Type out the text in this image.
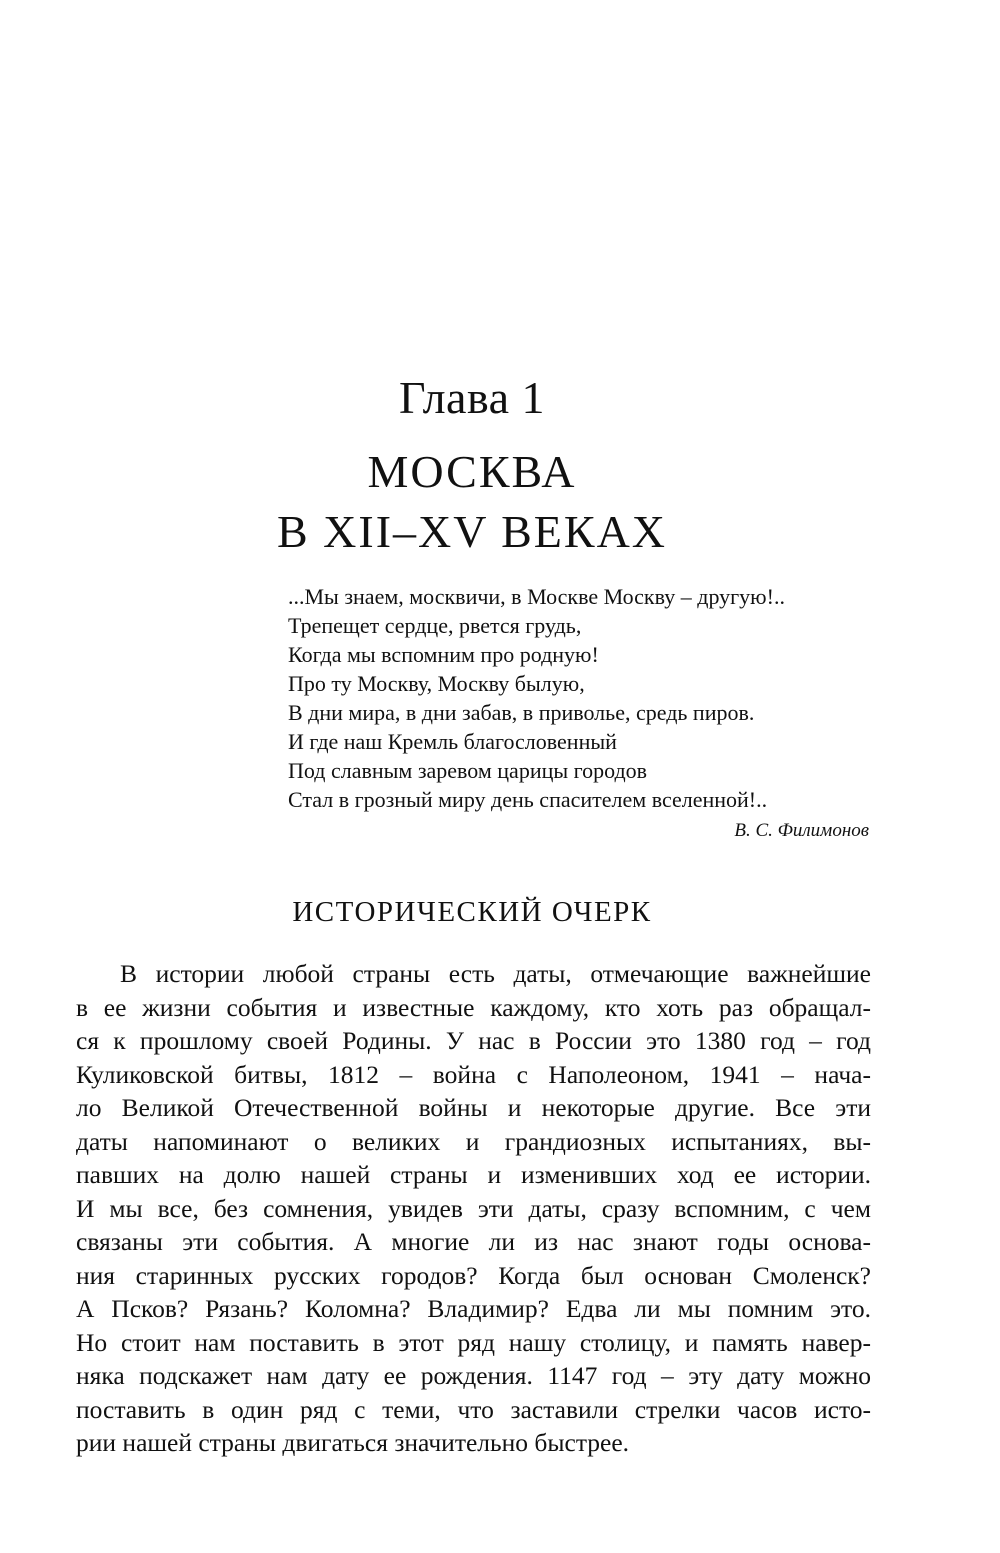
Глава 1
МОСКВА
В XII–XV ВЕКАХ
...Мы знаем, москвичи, в Москве Москву – другую!..
Трепещет сердце, рвется грудь,
Когда мы вспомним про родную!
Про ту Москву, Москву былую,
В дни мира, в дни забав, в приволье, средь пиров.
И где наш Кремль благословенный
Под славным заревом царицы городов
Стал в грозный миру день спасителем вселенной!..
В. С. Филимонов
ИСТОРИЧЕСКИЙ ОЧЕРК
В истории любой страны есть даты, отмечающие важнейшие
в ее жизни события и известные каждому, кто хоть раз обращал-
ся к прошлому своей Родины. У нас в России это 1380 год – год
Куликовской битвы, 1812 – война с Наполеоном, 1941 – нача-
ло Великой Отечественной войны и некоторые другие. Все эти
даты напоминают о великих и грандиозных испытаниях, вы-
павших на долю нашей страны и изменивших ход ее истории.
И мы все, без сомнения, увидев эти даты, сразу вспомним, с чем
связаны эти события. А многие ли из нас знают годы основа-
ния старинных русских городов? Когда был основан Смоленск?
А Псков? Рязань? Коломна? Владимир? Едва ли мы помним это.
Но стоит нам поставить в этот ряд нашу столицу, и память навер-
няка подскажет нам дату ее рождения. 1147 год – эту дату можно
поставить в один ряд с теми, что заставили стрелки часов исто-
рии нашей страны двигаться значительно быстрее.
